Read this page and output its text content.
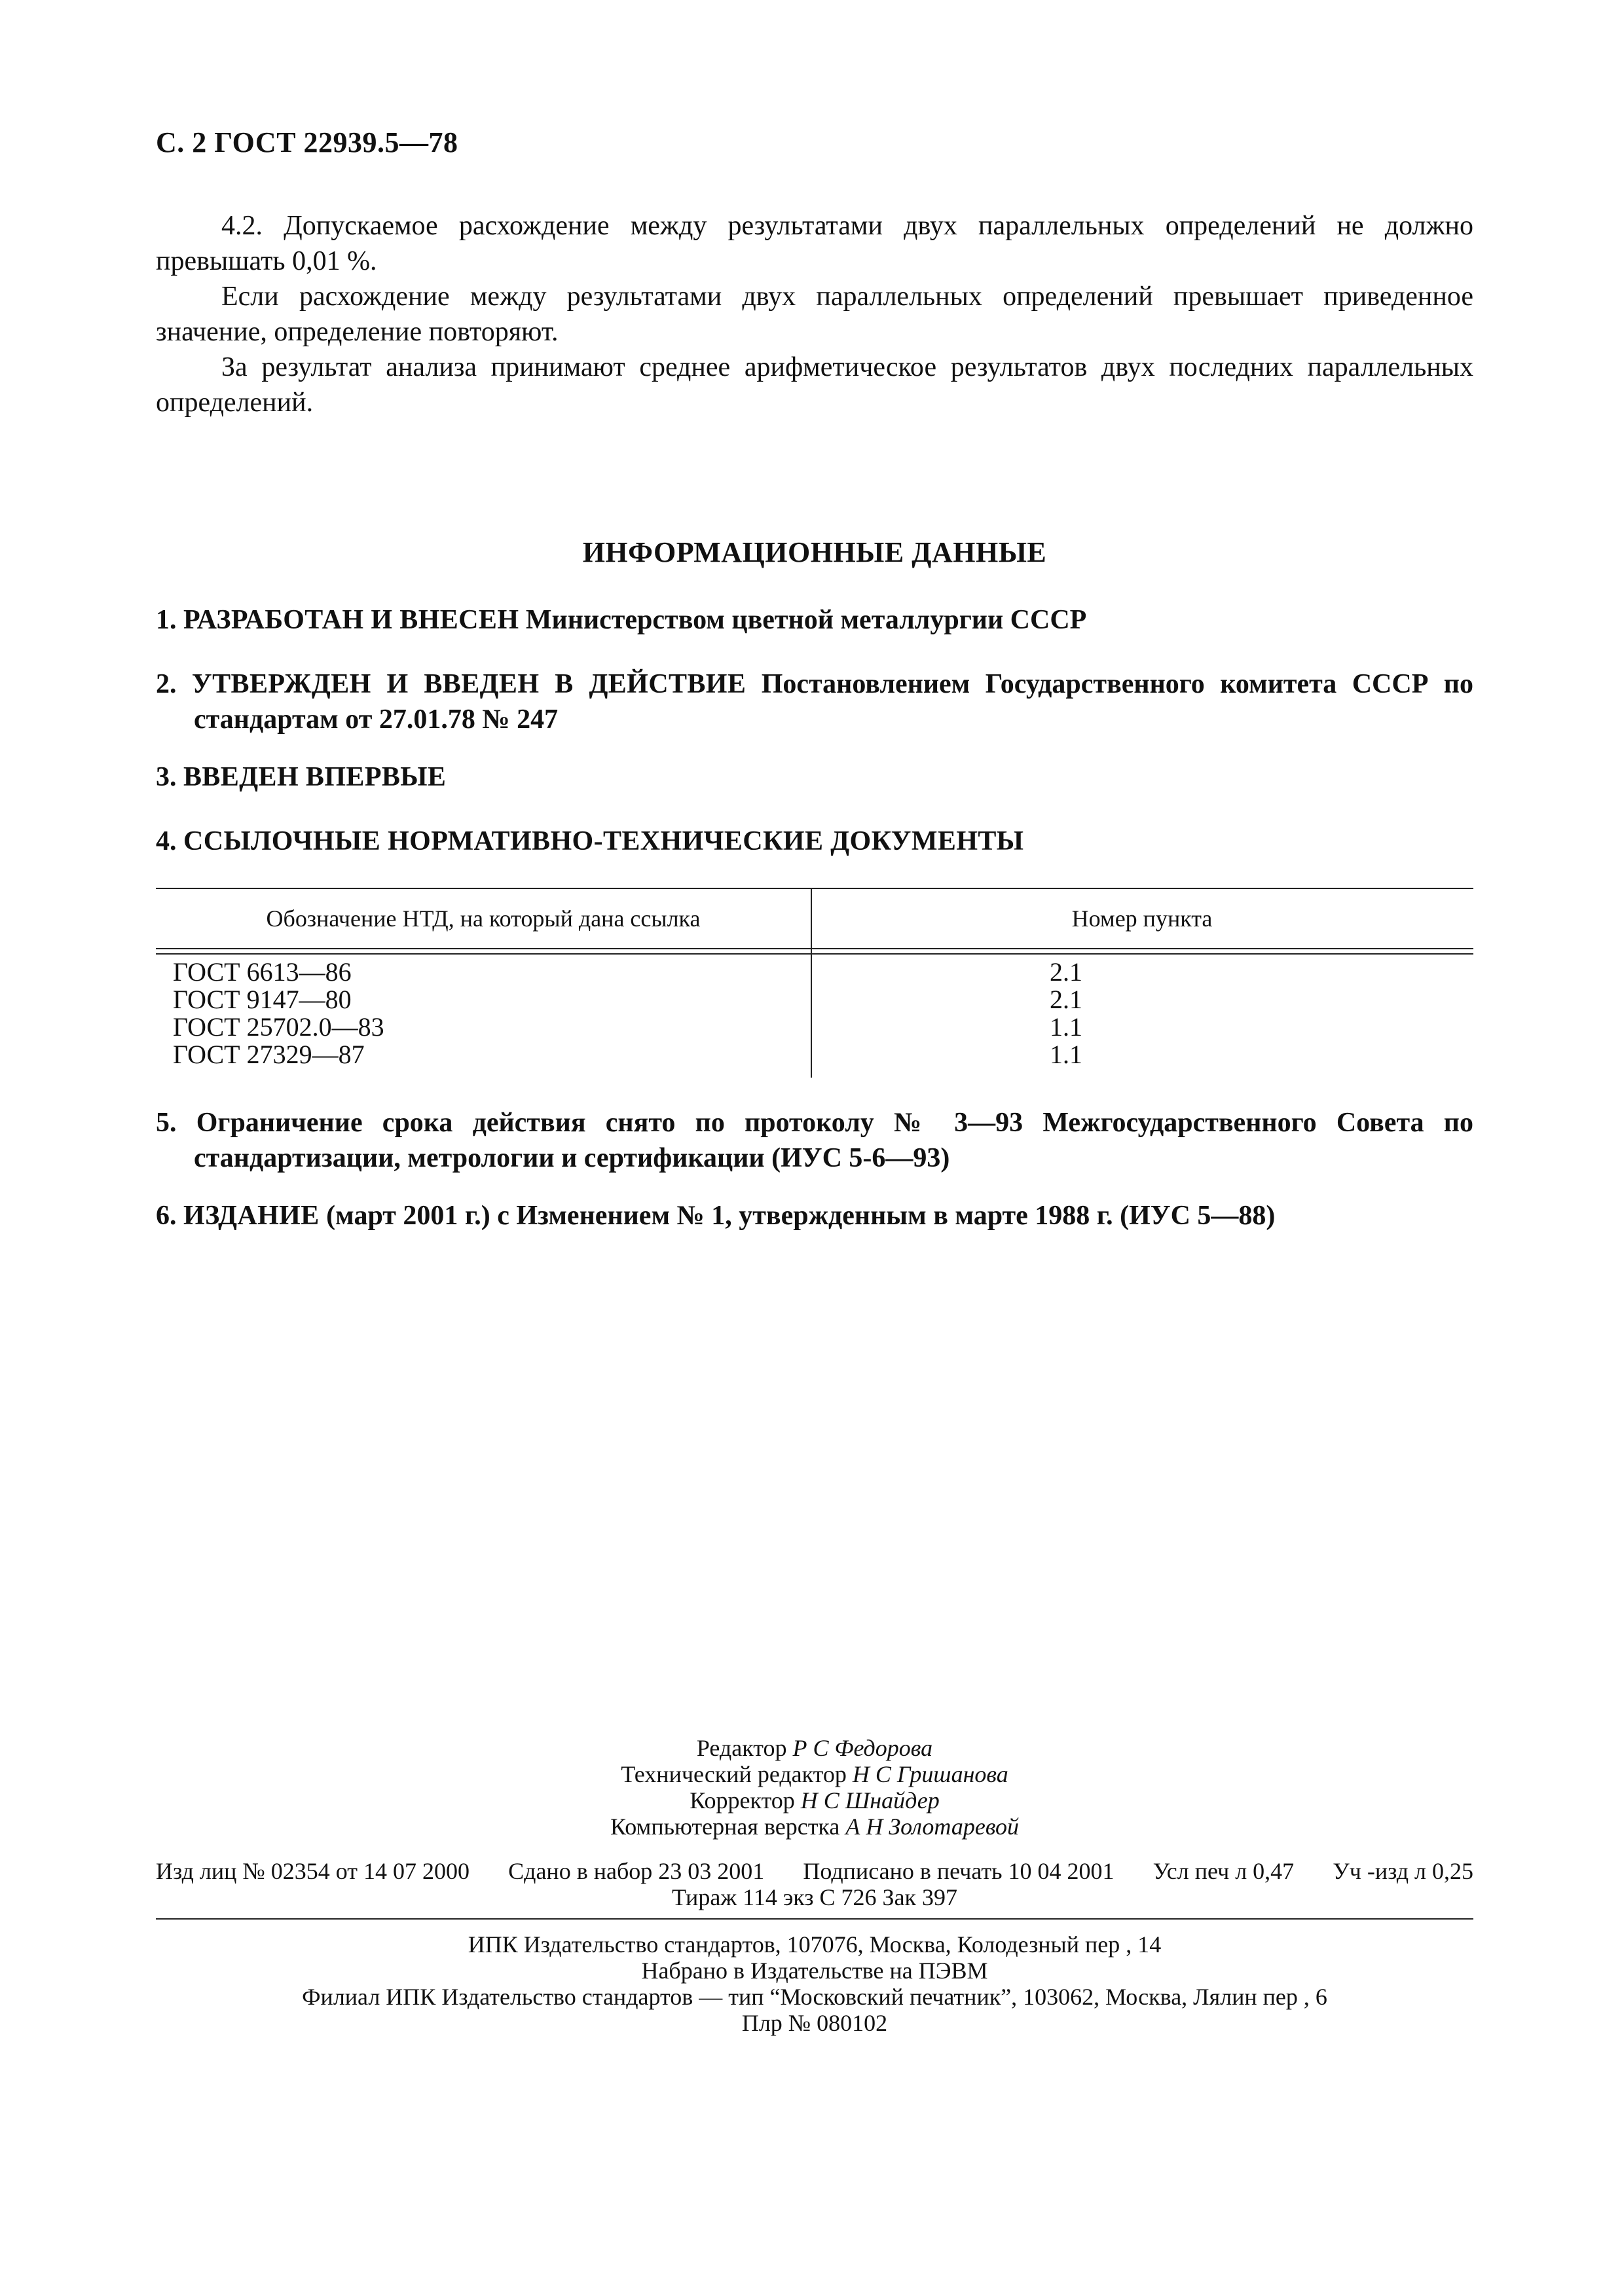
С. 2 ГОСТ 22939.5—78

4.2. Допускаемое расхождение между результатами двух параллельных определений не должно превышать 0,01 %.

Если расхождение между результатами двух параллельных определений превышает приведенное значение, определение повторяют.

За результат анализа принимают среднее арифметическое результатов двух последних параллельных определений.

ИНФОРМАЦИОННЫЕ ДАННЫЕ
1. РАЗРАБОТАН И ВНЕСЕН Министерством цветной металлургии СССР
2. УТВЕРЖДЕН И ВВЕДЕН В ДЕЙСТВИЕ Постановлением Государственного комитета СССР по стандартам от 27.01.78 № 247
3. ВВЕДЕН ВПЕРВЫЕ
4. ССЫЛОЧНЫЕ НОРМАТИВНО-ТЕХНИЧЕСКИЕ ДОКУМЕНТЫ
Обозначение НТД, на который дана ссылка	Номер пункта
ГОСТ 6613—86
ГОСТ 9147—80
ГОСТ 25702.0—83
ГОСТ 27329—87
2.1
2.1
1.1
1.1
5. Ограничение срока действия снято по протоколу № 3—93 Межгосударственного Совета по стандартизации, метрологии и сертификации (ИУС 5-6—93)
6. ИЗДАНИЕ (март 2001 г.) с Изменением № 1, утвержденным в марте 1988 г. (ИУС 5—88)
Редактор Р С Федорова
Технический редактор Н С Гришанова
Корректор Н С Шнайдер
Компьютерная верстка А Н Золотаревой
Изд лиц № 02354 от 14 07 2000 Сдано в набор 23 03 2001 Подписано в печать 10 04 2001 Усл печ л 0,47 Уч -изд л 0,25
Тираж 114 экз С 726 Зак 397
ИПК Издательство стандартов, 107076, Москва, Колодезный пер , 14
Набрано в Издательстве на ПЭВМ
Филиал ИПК Издательство стандартов — тип “Московский печатник”, 103062, Москва, Лялин пер , 6
Плр № 080102
